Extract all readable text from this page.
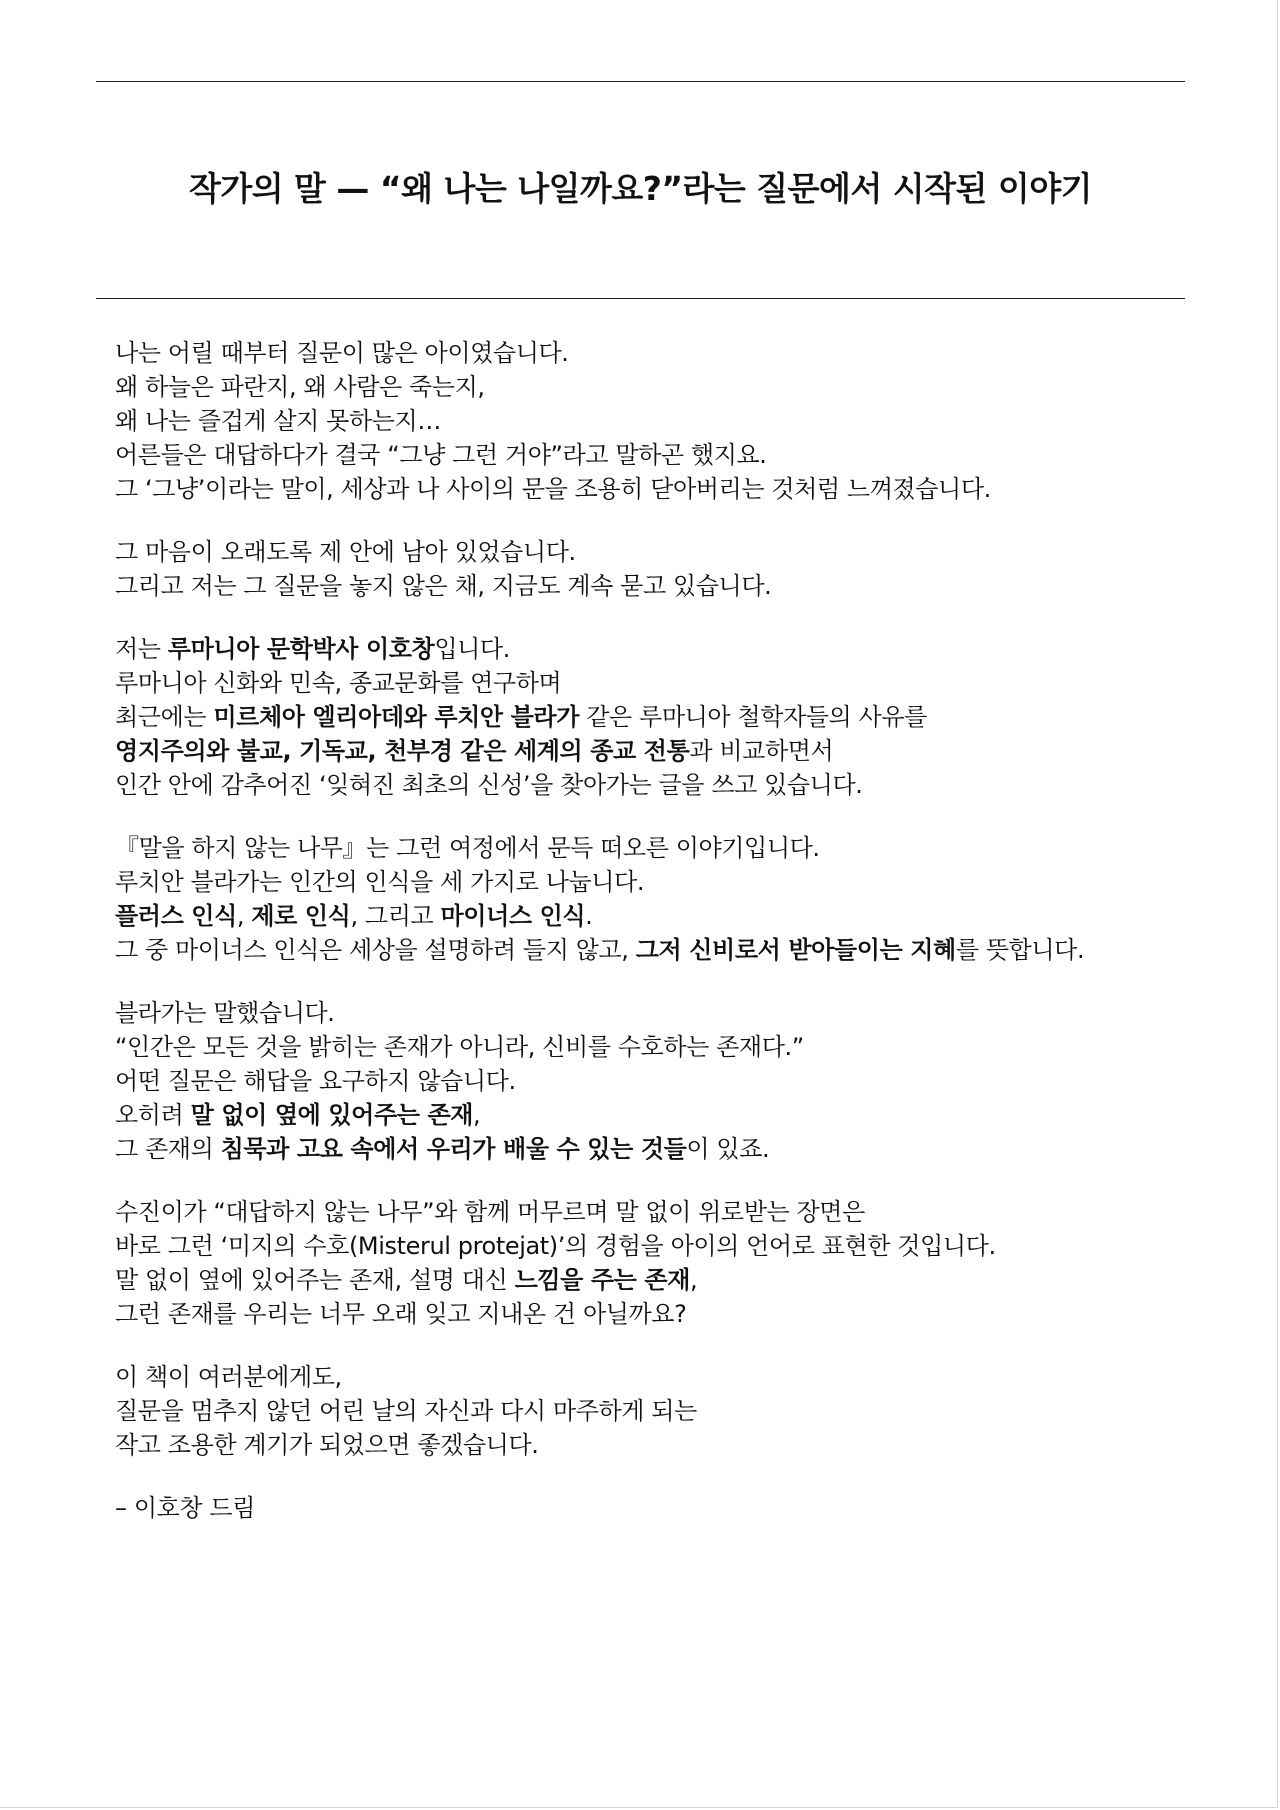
작가의 말 — “왜 나는 나일까요?”라는 질문에서 시작된 이야기
나는 어릴 때부터 질문이 많은 아이였습니다.
왜 하늘은 파란지, 왜 사람은 죽는지,
왜 나는 즐겁게 살지 못하는지…
어른들은 대답하다가 결국 “그냥 그런 거야”라고 말하곤 했지요.
그 ‘그냥’이라는 말이, 세상과 나 사이의 문을 조용히 닫아버리는 것처럼 느껴졌습니다.
그 마음이 오래도록 제 안에 남아 있었습니다.
그리고 저는 그 질문을 놓지 않은 채, 지금도 계속 묻고 있습니다.
저는 루마니아 문학박사 이호창입니다.
루마니아 신화와 민속, 종교문화를 연구하며
최근에는 미르체아 엘리아데와 루치안 블라가 같은 루마니아 철학자들의 사유를
영지주의와 불교, 기독교, 천부경 같은 세계의 종교 전통과 비교하면서
인간 안에 감추어진 ‘잊혀진 최초의 신성’을 찾아가는 글을 쓰고 있습니다.
『말을 하지 않는 나무』는 그런 여정에서 문득 떠오른 이야기입니다.
루치안 블라가는 인간의 인식을 세 가지로 나눕니다.
플러스 인식, 제로 인식, 그리고 마이너스 인식.
그 중 마이너스 인식은 세상을 설명하려 들지 않고, 그저 신비로서 받아들이는 지혜를 뜻합니다.
블라가는 말했습니다.
“인간은 모든 것을 밝히는 존재가 아니라, 신비를 수호하는 존재다.”
어떤 질문은 해답을 요구하지 않습니다.
오히려 말 없이 옆에 있어주는 존재,
그 존재의 침묵과 고요 속에서 우리가 배울 수 있는 것들이 있죠.
수진이가 “대답하지 않는 나무”와 함께 머무르며 말 없이 위로받는 장면은
바로 그런 ‘미지의 수호(Misterul protejat)’의 경험을 아이의 언어로 표현한 것입니다.
말 없이 옆에 있어주는 존재, 설명 대신 느낌을 주는 존재,
그런 존재를 우리는 너무 오래 잊고 지내온 건 아닐까요?
이 책이 여러분에게도,
질문을 멈추지 않던 어린 날의 자신과 다시 마주하게 되는
작고 조용한 계기가 되었으면 좋겠습니다.
– 이호창 드림
